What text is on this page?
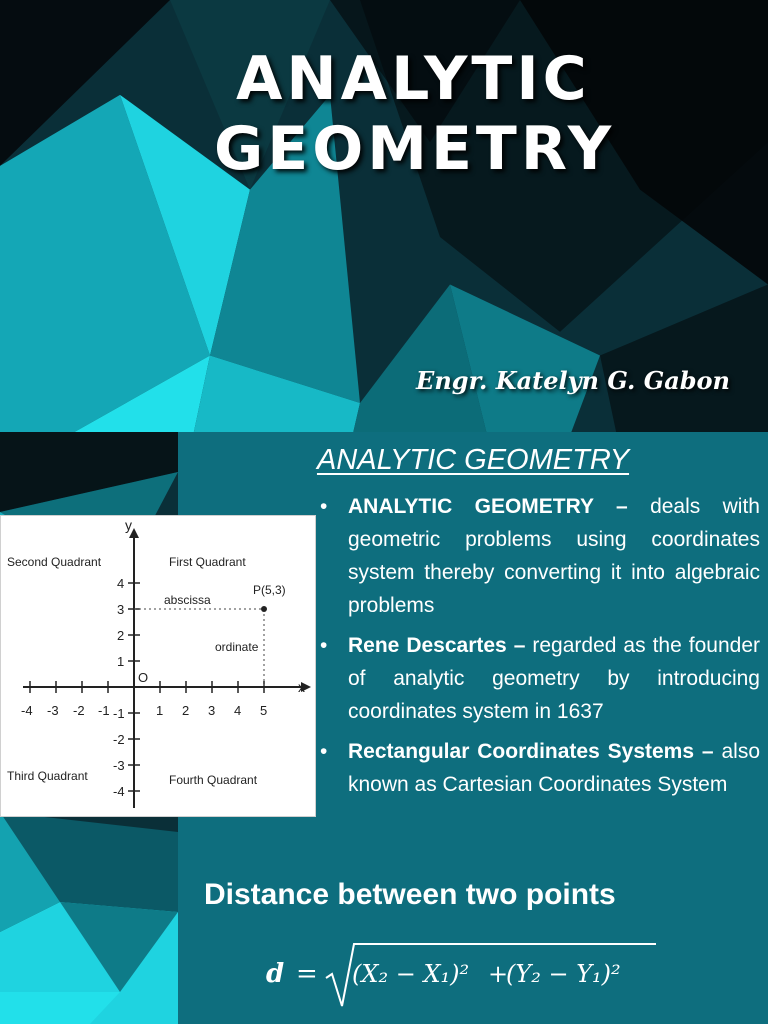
ANALYTIC
GEOMETRY
Engr. Katelyn G. Gabon
ANALYTIC GEOMETRY
y
x
O
-4 -3 -2 -1	1 2 3 4 5
4
3
2
1
-1
-2
-3
-4
Second Quadrant	First Quadrant
Third Quadrant	Fourth Quadrant
P(5,3)
abscissa
ordinate
• ANALYTIC GEOMETRY – deals with geometric problems using coordinates system thereby converting it into algebraic problems
• Rene Descartes – regarded as the founder of analytic geometry by introducing coordinates system in 1637
• Rectangular Coordinates Systems – also known as Cartesian Coordinates System
Distance between two points
d = (X₂ − X₁)² +
(Y₂ − Y₁)²
